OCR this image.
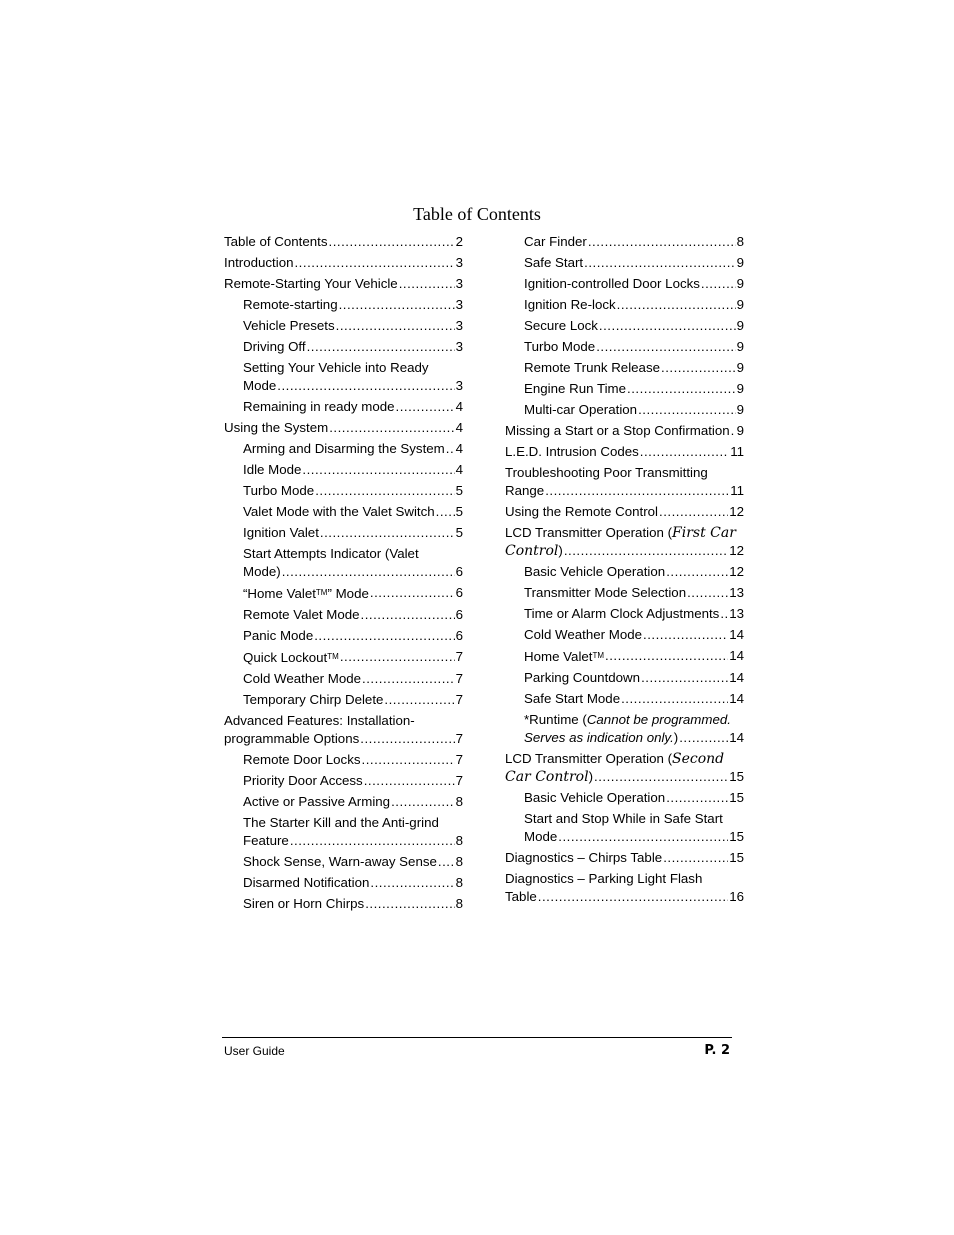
Table of Contents
Table of Contents .....	2
Introduction .....	3
Remote-Starting Your Vehicle .....	3
Remote-starting .....	3
Vehicle Presets .....	3
Driving Off .....	3
Setting Your Vehicle into Ready
Mode .....	3
Remaining in ready mode .....	4
Using the System .....	4
Arming and Disarming the System ..... 4
Idle Mode .....	4
Turbo Mode .....	5
Valet Mode with the Valet Switch ..... 5
Ignition Valet .....	5
Start Attempts Indicator (Valet
Mode) .....	6
“Home Valet™” Mode .....	6
Remote Valet Mode .....	6
Panic Mode .....	6
Quick Lockout™ .....	7
Cold Weather Mode .....	7
Temporary Chirp Delete .....	7
Advanced Features: Installation-
programmable Options .....	7
Remote Door Locks .....	7
Priority Door Access .....	7
Active or Passive Arming .....	8
The Starter Kill and the Anti-grind
Feature .....	8
Shock Sense, Warn-away Sense ..... 8
Disarmed Notification .....	8
Siren or Horn Chirps .....	8
Car Finder .....	8
Safe Start .....	9
Ignition-controlled Door Locks .....	9
Ignition Re-lock .....	9
Secure Lock .....	9
Turbo Mode .....	9
Remote Trunk Release .....	9
Engine Run Time .....	9
Multi-car Operation .....	9
Missing a Start or a Stop Confirmation ..... 9
L.E.D. Intrusion Codes .....	11
Troubleshooting Poor Transmitting
Range .....	11
Using the Remote Control .....	12
LCD Transmitter Operation (First Car
Control) .....	12
Basic Vehicle Operation .....	12
Transmitter Mode Selection .....	13
Time or Alarm Clock Adjustments ..... 13
Cold Weather Mode .....	14
Home Valet™ .....	14
Parking Countdown .....	14
Safe Start Mode .....	14
*Runtime (Cannot be programmed.
Serves as indication only.) .....	14
LCD Transmitter Operation (Second
Car Control) .....	15
Basic Vehicle Operation .....	15
Start and Stop While in Safe Start
Mode .....	15
Diagnostics – Chirps Table .....	15
Diagnostics – Parking Light Flash
Table .....	16
User Guide	P. 2
